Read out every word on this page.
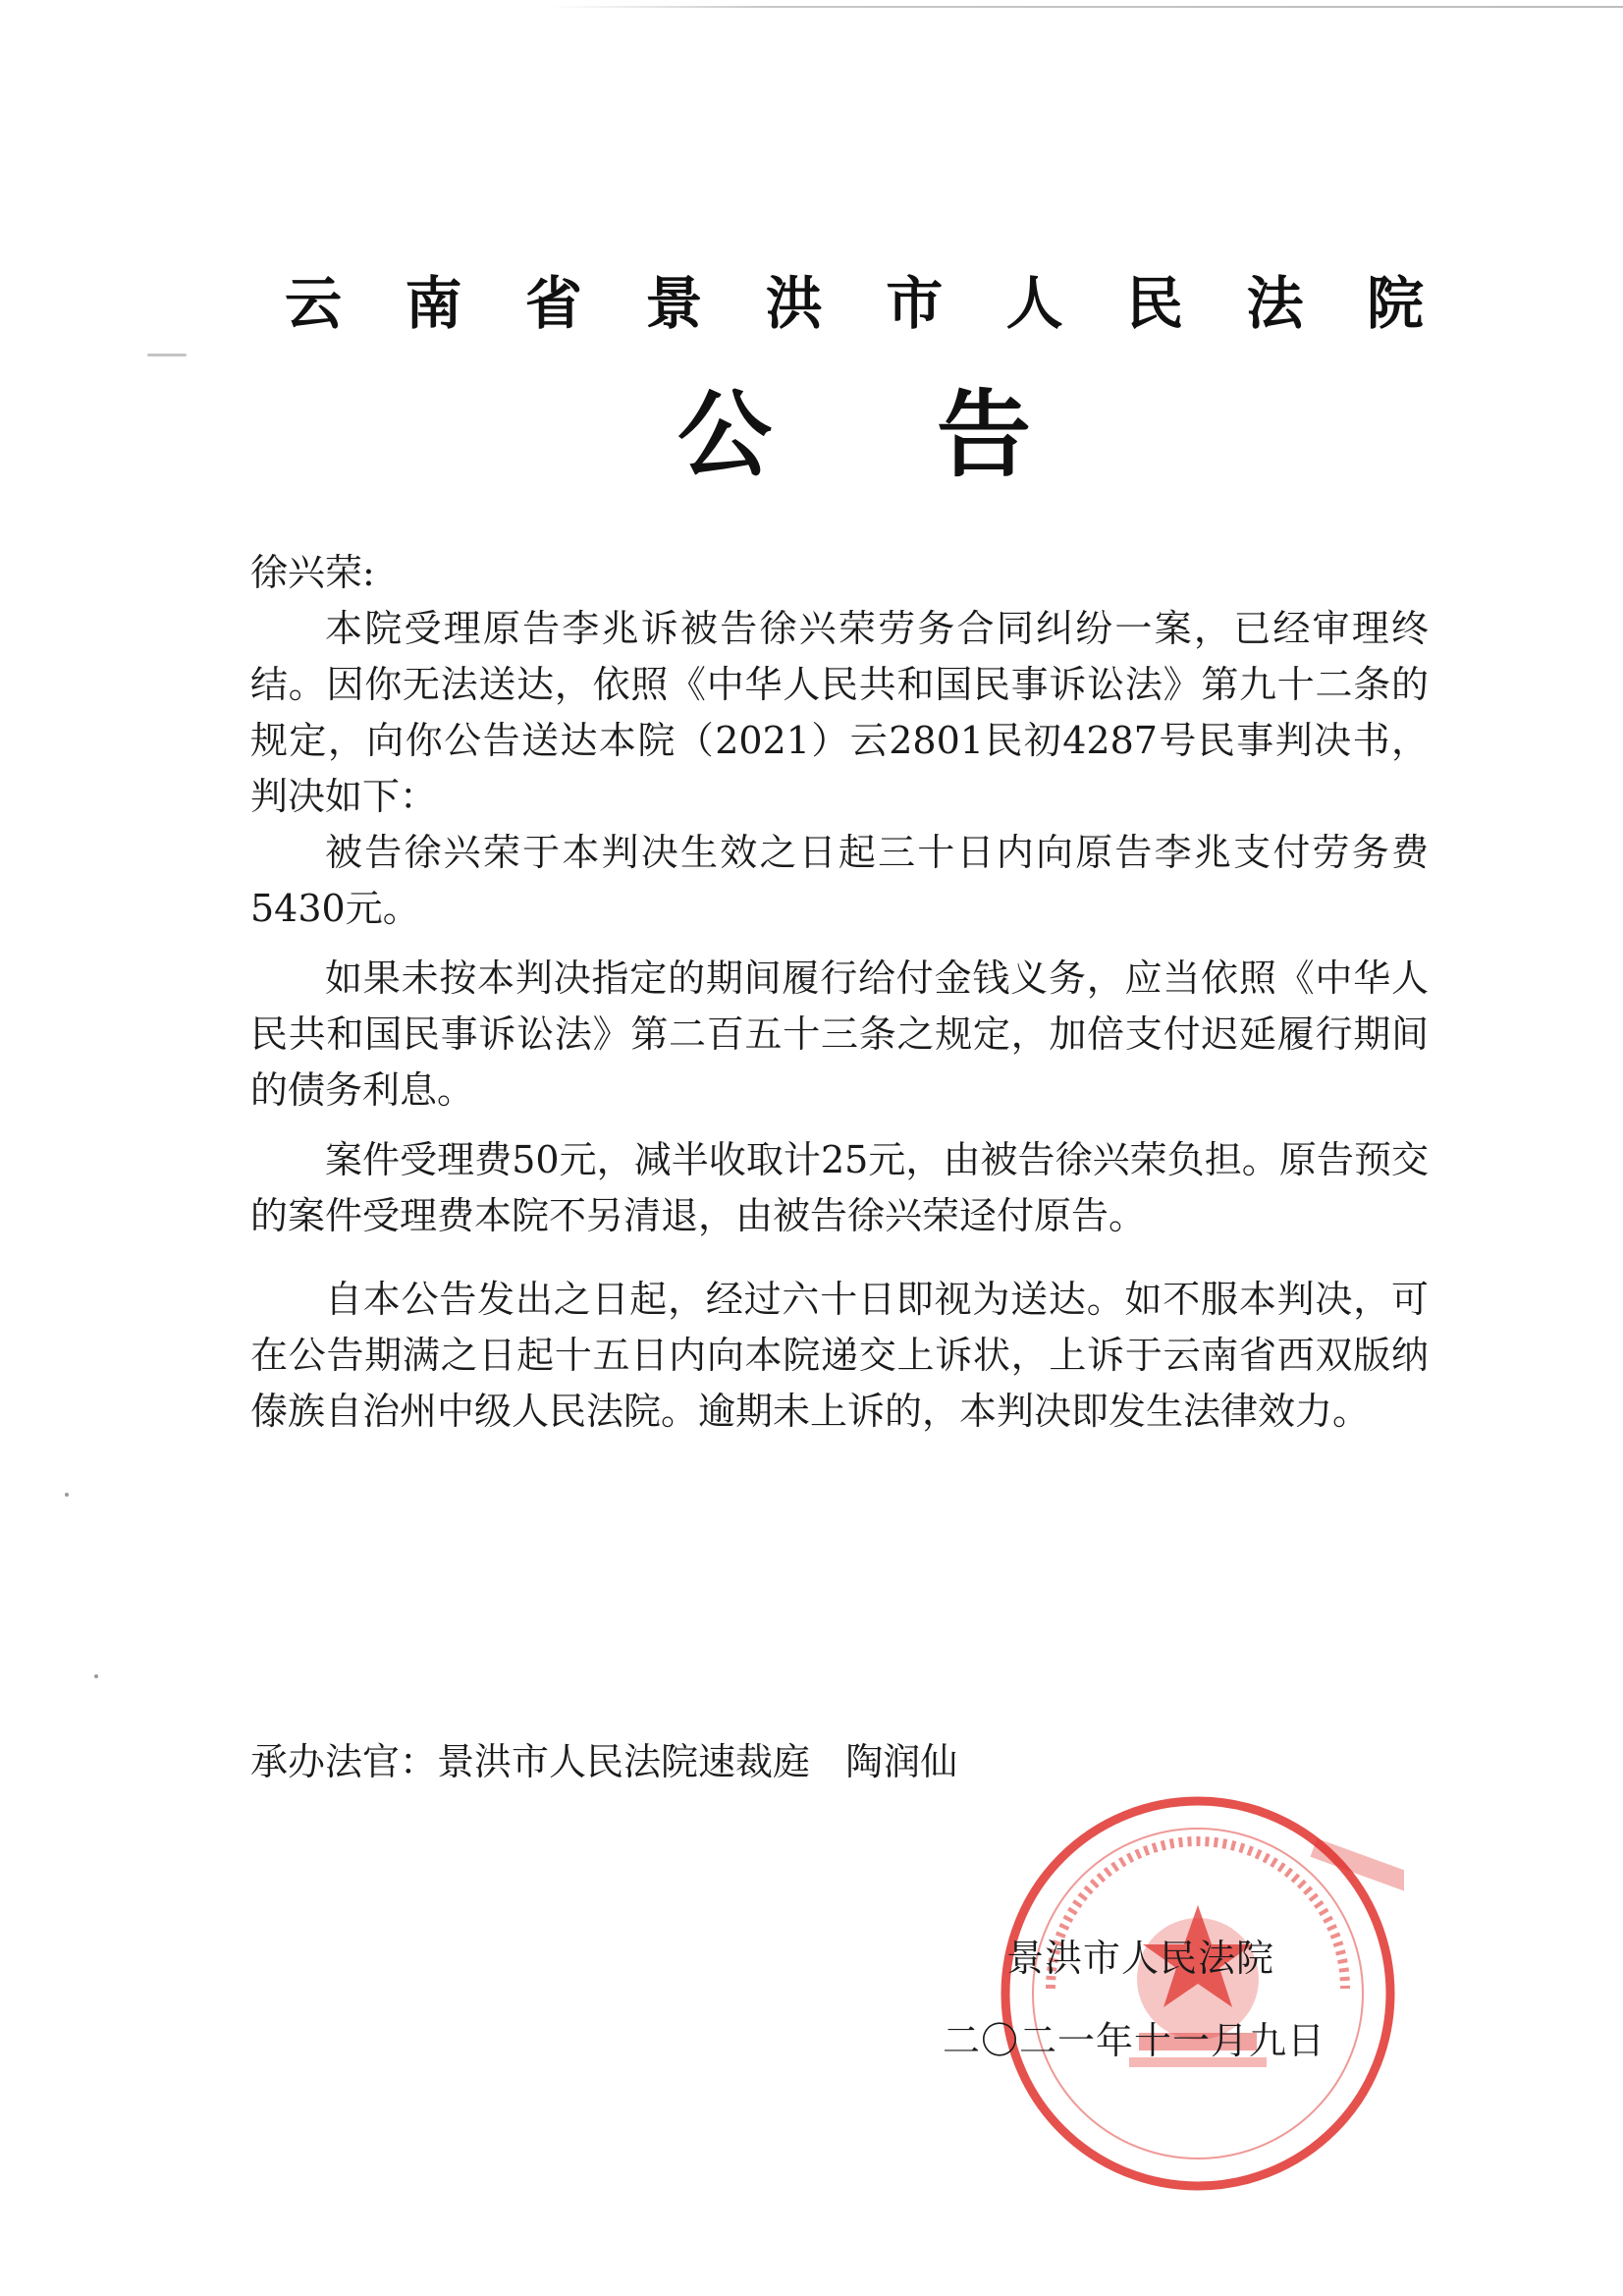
云 南 省 景 洪 市 人 民 法 院
公 告

徐兴荣:

本院受理原告李兆诉被告徐兴荣劳务合同纠纷一案，已经审理终结。因你无法送达，依照《中华人民共和国民事诉讼法》第九十二条的规定，向你公告送达本院（2021）云2801民初4287号民事判决书，判决如下：

被告徐兴荣于本判决生效之日起三十日内向原告李兆支付劳务费5430元。

如果未按本判决指定的期间履行给付金钱义务，应当依照《中华人民共和国民事诉讼法》第二百五十三条之规定，加倍支付迟延履行期间的债务利息。

案件受理费50元，减半收取计25元，由被告徐兴荣负担。原告预交的案件受理费本院不另清退，由被告徐兴荣迳付原告。

自本公告发出之日起，经过六十日即视为送达。如不服本判决，可在公告期满之日起十五日内向本院递交上诉状，上诉于云南省西双版纳傣族自治州中级人民法院。逾期未上诉的，本判决即发生法律效力。

承办法官：景洪市人民法院速裁庭 陶润仙
景洪市人民法院
二〇二一年十一月九日
